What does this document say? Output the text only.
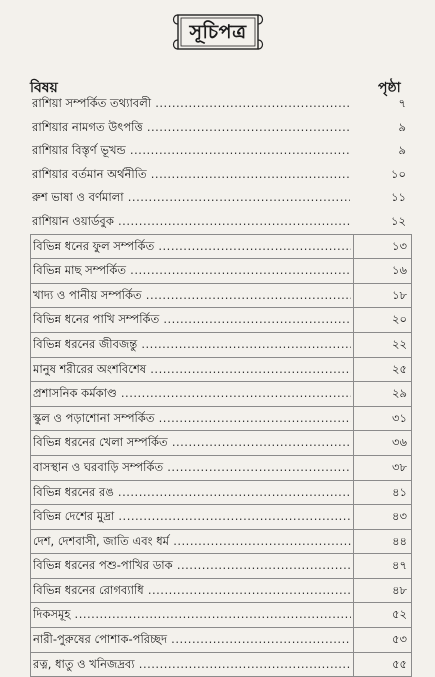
সূচিপত্র
বিষয়	পৃষ্ঠা
রাশিয়া সম্পর্কিত তথ্যাবলী .....	৭
রাশিয়ার নামগত উৎপত্তি .....	৯
রাশিয়ার বিস্তৃর্ণ ভূখন্ড .....	৯
রাশিয়ার বর্তমান অর্থনীতি .....	১০
রুশ ভাষা ও বর্ণমালা .....	১১
রাশিয়ান ওয়ার্ডবুক .....	১২
বিভিন্ন ধনের ফুল সম্পর্কিত .....	১৩
বিভিন্ন মাছ সম্পর্কিত .....	১৬
খাদ্য ও পানীয় সম্পর্কিত .....	১৮
বিভিন্ন ধনের পাখি সম্পর্কিত .....	২০
বিভিন্ন ধরনের জীবজন্তু .....	২২
মানুষ শরীরের অংশবিশেষ .....	২৫
প্রশাসনিক কর্মকাণ্ড .....	২৯
স্কুল ও পড়াশোনা সম্পর্কিত .....	৩১
বিভিন্ন ধরনের খেলা সম্পর্কিত .....	৩৬
বাসস্থান ও ঘরবাড়ি সম্পর্কিত .....	৩৮
বিভিন্ন ধরনের রঙ .....	৪১
বিভিন্ন দেশের মুদ্রা .....	৪৩
দেশ, দেশবাসী, জাতি এবং ধর্ম .....	৪৪
বিভিন্ন ধরনের পশু-পাখির ডাক .....	৪৭
বিভিন্ন ধরনের রোগব্যাধি .....	৪৮
দিকসমূহ .....	৫২
নারী-পুরুষের পোশাক-পরিচ্ছদ .....	৫৩
রত্ন, ধাতু ও খনিজদ্রব্য .....	৫৫
